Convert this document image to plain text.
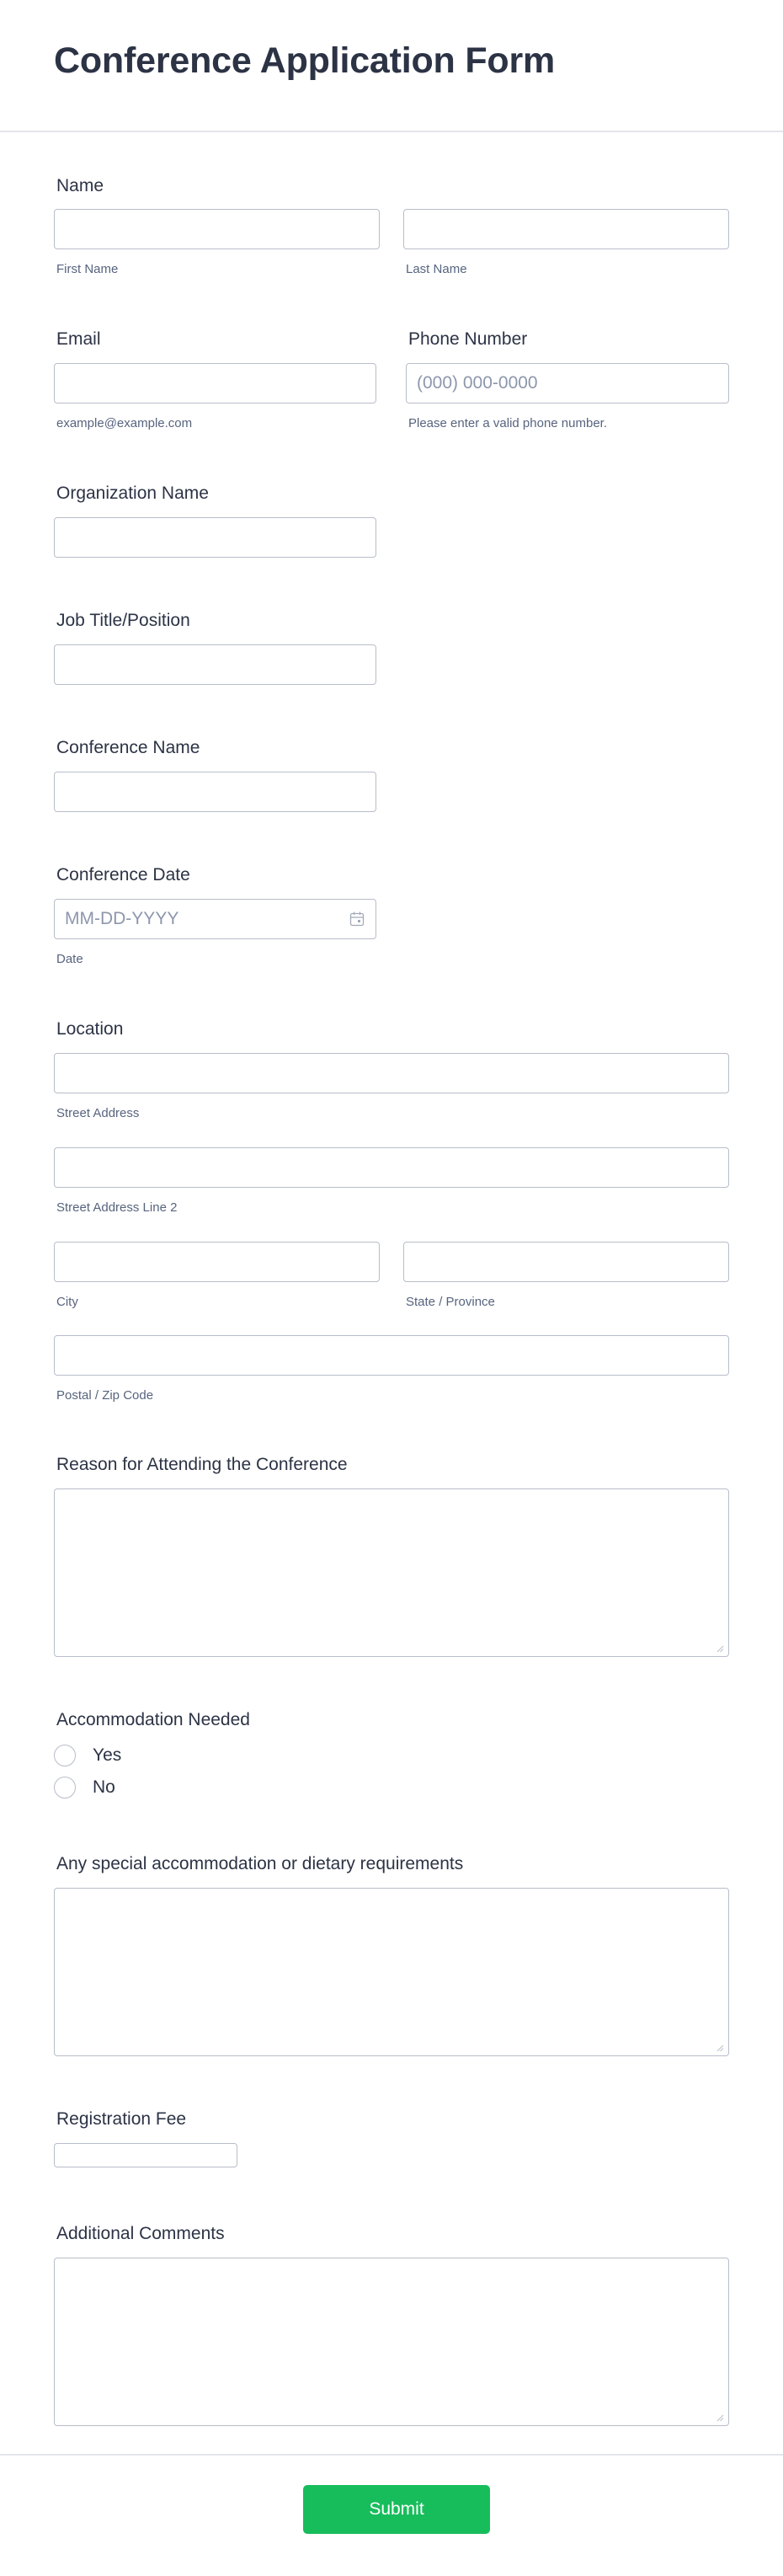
Conference Application Form
Name
First Name	Last Name
Email	Phone Number
(000) 000-0000
example@example.com	Please enter a valid phone number.
Organization Name
Job Title/Position
Conference Name
Conference Date
MM-DD-YYYY
Date
Location
Street Address
Street Address Line 2
City	State / Province
Postal / Zip Code
Reason for Attending the Conference
Accommodation Needed
Yes
No
Any special accommodation or dietary requirements
Registration Fee
Additional Comments
Submit
